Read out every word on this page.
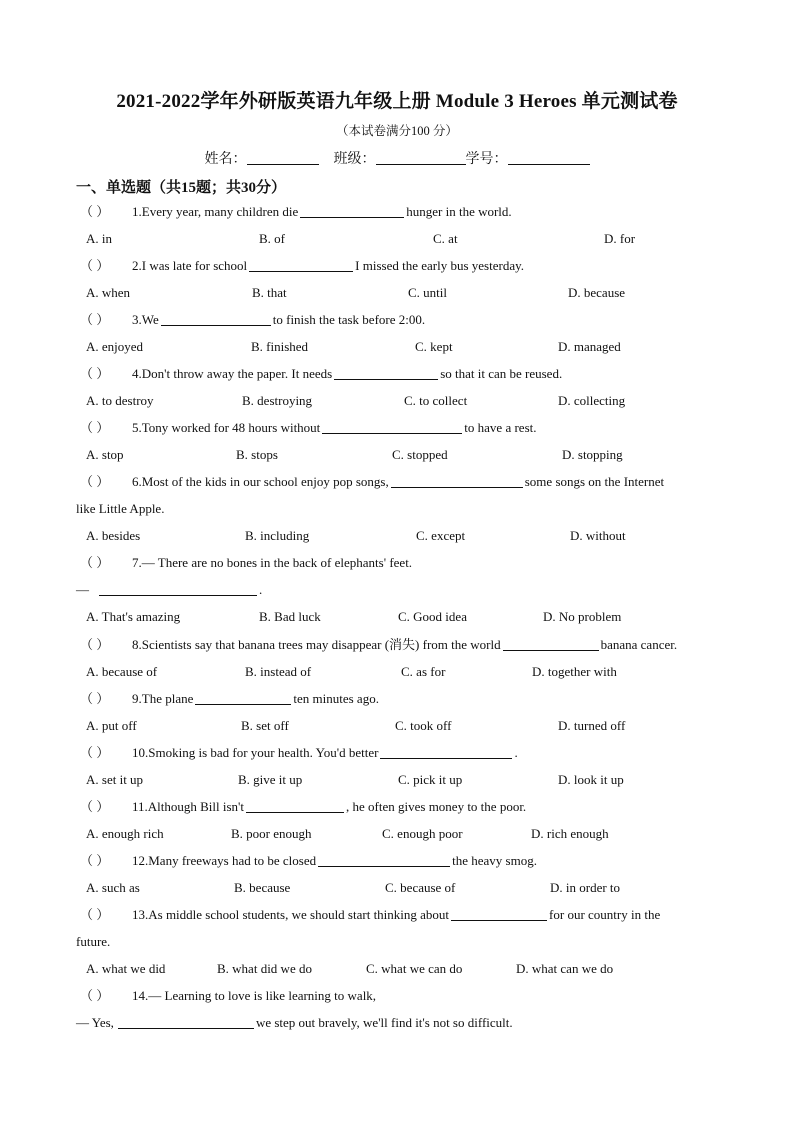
2021-2022学年外研版英语九年级上册 Module 3 Heroes 单元测试卷
（本试卷满分100 分）
姓名：	班级：	学号：
一、单选题（共15题；共30分）
（ ） 1.Every year, many children die	hunger in the world.
A. in	B. of	C. at	D. for
（ ） 2.I was late for school	I missed the early bus yesterday.
A. when	B. that	C. until	D. because
（ ） 3.We	to finish the task before 2:00.
A. enjoyed	B. finished	C. kept	D. managed
（ ） 4.Don't throw away the paper. It needs	so that it can be reused.
A. to destroy	B. destroying	C. to collect	D. collecting
（ ） 5.Tony worked for 48 hours without	to have a rest.
A. stop	B. stops	C. stopped	D. stopping
（ ） 6.Most of the kids in our school enjoy pop songs,	some songs on the Internet
like Little Apple.
A. besides	B. including	C. except	D. without
（ ） 7.— There are no bones in the back of elephants' feet.
—	.
A. That's amazing	B. Bad luck	C. Good idea	D. No problem
（ ） 8.Scientists say that banana trees may disappear (消失) from the world	banana cancer.
A. because of	B. instead of	C. as for	D. together with
（ ） 9.The plane	ten minutes ago.
A. put off	B. set off	C. took off	D. turned off
（ ） 10.Smoking is bad for your health. You'd better	.
A. set it up	B. give it up	C. pick it up	D. look it up
（ ） 11.Although Bill isn't	, he often gives money to the poor.
A. enough rich	B. poor enough	C. enough poor	D. rich enough
（ ） 12.Many freeways had to be closed	the heavy smog.
A. such as	B. because	C. because of	D. in order to
（ ） 13.As middle school students, we should start thinking about	for our country in the
future.
A. what we did	B. what did we do	C. what we can do	D. what can we do
（ ） 14.— Learning to love is like learning to walk,
— Yes,	we step out bravely, we'll find it's not so difficult.
